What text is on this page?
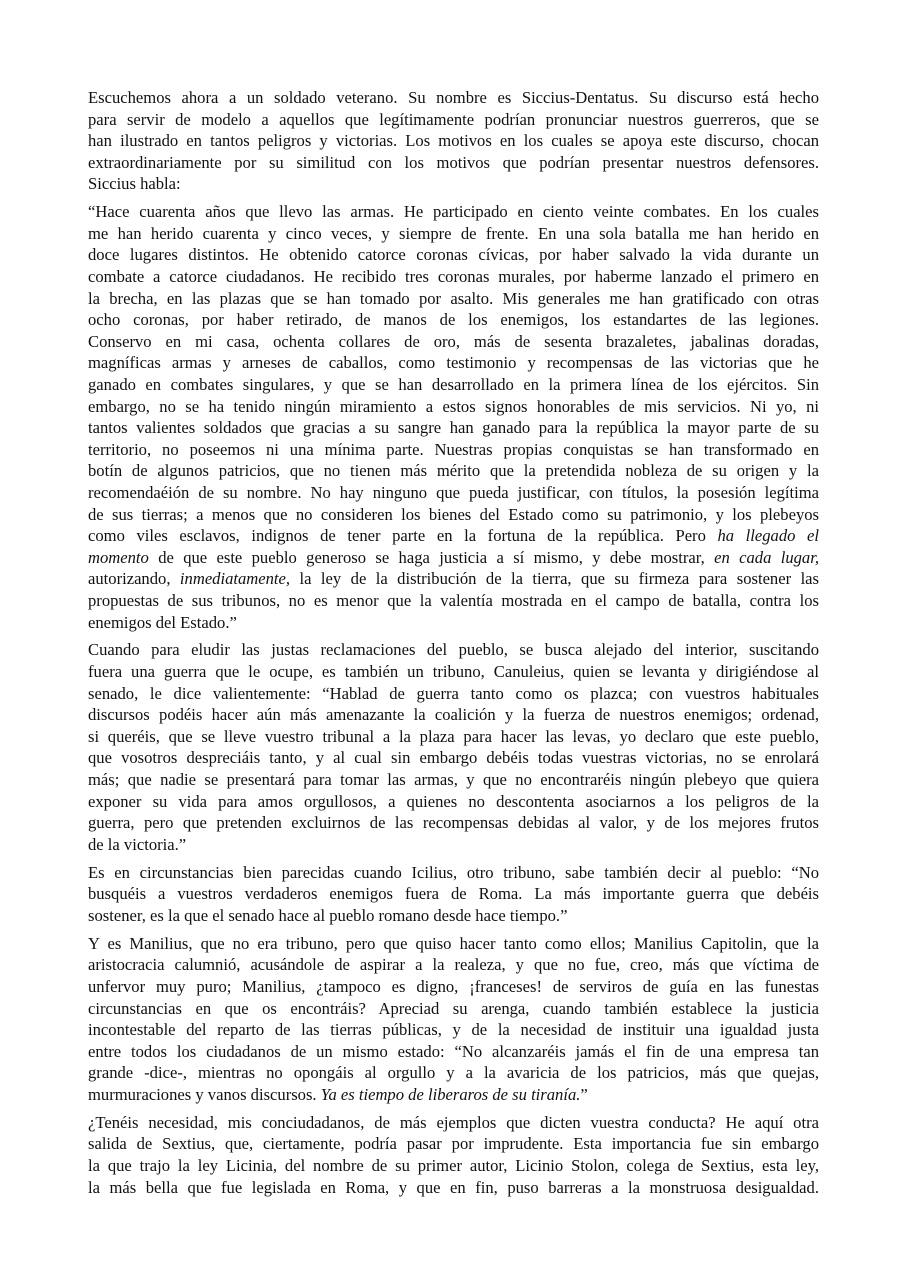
Escuchemos ahora a un soldado veterano. Su nombre es Siccius-Dentatus. Su discurso está hecho
para servir de modelo a aquellos que legítimamente podrían pronunciar nuestros guerreros, que se
han ilustrado en tantos peligros y victorias. Los motivos en los cuales se apoya este discurso, chocan
extraordinariamente por su similitud con los motivos que podrían presentar nuestros defensores.
Siccius habla:
“Hace cuarenta años que llevo las armas. He participado en ciento veinte combates. En los cuales
me han herido cuarenta y cinco veces, y siempre de frente. En una sola batalla me han herido en
doce lugares distintos. He obtenido catorce coronas cívicas, por haber salvado la vida durante un
combate a catorce ciudadanos. He recibido tres coronas murales, por haberme lanzado el primero en
la brecha, en las plazas que se han tomado por asalto. Mis generales me han gratificado con otras
ocho coronas, por haber retirado, de manos de los enemigos, los estandartes de las legiones.
Conservo en mi casa, ochenta collares de oro, más de sesenta brazaletes, jabalinas doradas,
magníficas armas y arneses de caballos, como testimonio y recompensas de las victorias que he
ganado en combates singulares, y que se han desarrollado en la primera línea de los ejércitos. Sin
embargo, no se ha tenido ningún miramiento a estos signos honorables de mis servicios. Ni yo, ni
tantos valientes soldados que gracias a su sangre han ganado para la república la mayor parte de su
territorio, no poseemos ni una mínima parte. Nuestras propias conquistas se han transformado en
botín de algunos patricios, que no tienen más mérito que la pretendida nobleza de su origen y la
recomendaéión de su nombre. No hay ninguno que pueda justificar, con títulos, la posesión legítima
de sus tierras; a menos que no consideren los bienes del Estado como su patrimonio, y los plebeyos
como viles esclavos, indignos de tener parte en la fortuna de la república. Pero ha llegado el
momento de que este pueblo generoso se haga justicia a sí mismo, y debe mostrar, en cada lugar,
autorizando, inmediatamente, la ley de la distribución de la tierra, que su firmeza para sostener las
propuestas de sus tribunos, no es menor que la valentía mostrada en el campo de batalla, contra los
enemigos del Estado.”
Cuando para eludir las justas reclamaciones del pueblo, se busca alejado del interior, suscitando
fuera una guerra que le ocupe, es también un tribuno, Canuleius, quien se levanta y dirigiéndose al
senado, le dice valientemente: “Hablad de guerra tanto como os plazca; con vuestros habituales
discursos podéis hacer aún más amenazante la coalición y la fuerza de nuestros enemigos; ordenad,
si queréis, que se lleve vuestro tribunal a la plaza para hacer las levas, yo declaro que este pueblo,
que vosotros despreciáis tanto, y al cual sin embargo debéis todas vuestras victorias, no se enrolará
más; que nadie se presentará para tomar las armas, y que no encontraréis ningún plebeyo que quiera
exponer su vida para amos orgullosos, a quienes no descontenta asociarnos a los peligros de la
guerra, pero que pretenden excluirnos de las recompensas debidas al valor, y de los mejores frutos
de la victoria.”
Es en circunstancias bien parecidas cuando Icilius, otro tribuno, sabe también decir al pueblo: “No
busquéis a vuestros verdaderos enemigos fuera de Roma. La más importante guerra que debéis
sostener, es la que el senado hace al pueblo romano desde hace tiempo.”
Y es Manilius, que no era tribuno, pero que quiso hacer tanto como ellos; Manilius Capitolin, que la
aristocracia calumnió, acusándole de aspirar a la realeza, y que no fue, creo, más que víctima de
unfervor muy puro; Manilius, ¿tampoco es digno, ¡franceses! de serviros de guía en las funestas
circunstancias en que os encontráis? Apreciad su arenga, cuando también establece la justicia
incontestable del reparto de las tierras públicas, y de la necesidad de instituir una igualdad justa
entre todos los ciudadanos de un mismo estado: “No alcanzaréis jamás el fin de una empresa tan
grande -dice-, mientras no opongáis al orgullo y a la avaricia de los patricios, más que quejas,
murmuraciones y vanos discursos. Ya es tiempo de liberaros de su tiranía.”
¿Tenéis necesidad, mis conciudadanos, de más ejemplos que dicten vuestra conducta? He aquí otra
salida de Sextius, que, ciertamente, podría pasar por imprudente. Esta importancia fue sin embargo
la que trajo la ley Licinia, del nombre de su primer autor, Licinio Stolon, colega de Sextius, esta ley,
la más bella que fue legislada en Roma, y que en fin, puso barreras a la monstruosa desigualdad.
